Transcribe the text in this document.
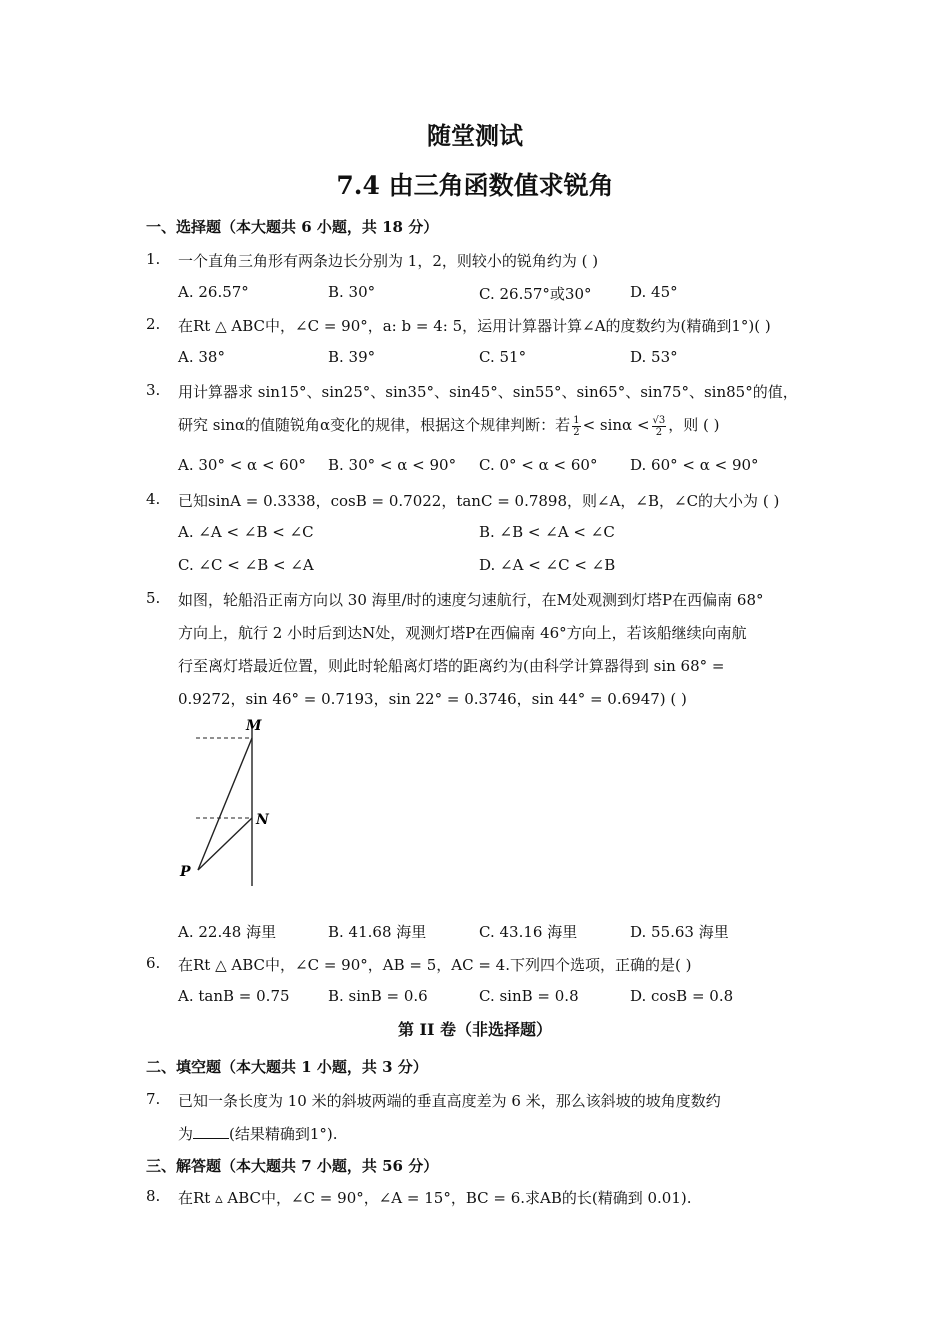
随堂测试
7.4 由三角函数值求锐角
一、选择题（本大题共 6 小题，共 18 分）
1. 一个直角三角形有两条边长分别为 1，2，则较小的锐角约为 ( )
A. 26.57°	B. 30°	C. 26.57°或30°	D. 45°
2. 在Rt △ ABC中，∠C = 90°，a: b = 4: 5，运用计算器计算∠A的度数约为(精确到1°)( )
A. 38°	B. 39°	C. 51°	D. 53°
3. 用计算器求 sin15°、sin25°、sin35°、sin45°、sin55°、sin65°、sin75°、sin85°的值，
研究 sinα的值随锐角α变化的规律，根据这个规律判断：若 $\frac{1}{2} < \sin\alpha < \frac{√3}{2}$ ，则 ( )
A. 30° < α < 60° B. 30° < α < 90° C. 0° < α < 60° D. 60° < α < 90°
4. 已知sinA = 0.3338，cosB = 0.7022，tanC = 0.7898，则∠A，∠B，∠C的大小为 ( )
A. ∠A < ∠B < ∠C	B. ∠B < ∠A < ∠C
C. ∠C < ∠B < ∠A	D. ∠A < ∠C < ∠B
5. 如图，轮船沿正南方向以 30 海里/时的速度匀速航行，在M处观测到灯塔P在西偏南 68°
方向上，航行 2 小时后到达N处，观测灯塔P在西偏南 46°方向上，若该船继续向南航
行至离灯塔最近位置，则此时轮船离灯塔的距离约为(由科学计算器得到 sin 68° =
0.9272，sin 46° = 0.7193，sin 22° = 0.3746，sin 44° = 0.6947) ( )
M
N
P
A. 22.48 海里	B. 41.68 海里	C. 43.16 海里	D. 55.63 海里
6. 在Rt △ ABC中，∠C = 90°，AB = 5，AC = 4.下列四个选项，正确的是( )
A. tanB = 0.75	B. sinB = 0.6	C. sinB = 0.8	D. cosB = 0.8
第 II 卷（非选择题）
二、填空题（本大题共 1 小题，共 3 分）
7. 已知一条长度为 10 米的斜坡两端的垂直高度差为 6 米，那么该斜坡的坡角度数约
为 (结果精确到1°).
三、解答题（本大题共 7 小题，共 56 分）
8. 在Rt ▵ ABC中，∠C = 90°，∠A = 15°，BC = 6.求AB的长(精确到 0.01).
